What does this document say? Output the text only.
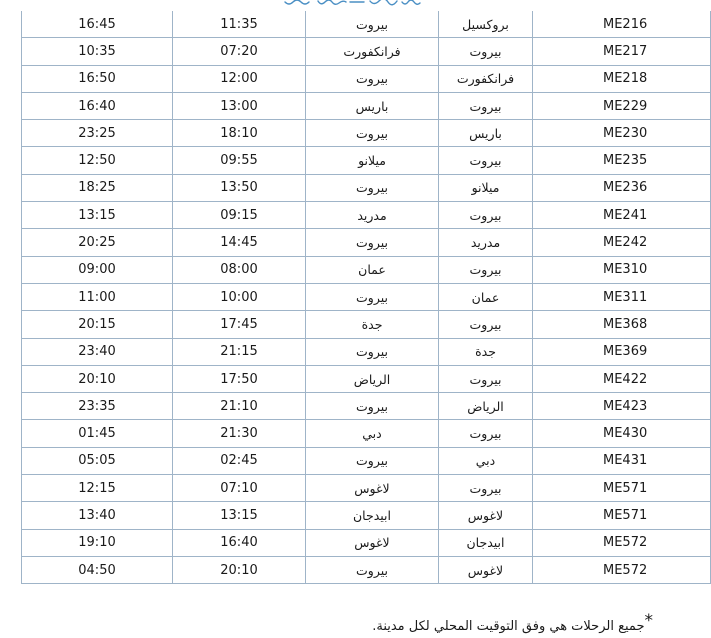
16:45	11:35	بيروت	بروكسيل	ME216
10:35	07:20	فرانكفورت	بيروت	ME217
16:50	12:00	بيروت	فرانكفورت	ME218
16:40	13:00	باريس	بيروت	ME229
23:25	18:10	بيروت	باريس	ME230
12:50	09:55	ميلانو	بيروت	ME235
18:25	13:50	بيروت	ميلانو	ME236
13:15	09:15	مدريد	بيروت	ME241
20:25	14:45	بيروت	مدريد	ME242
09:00	08:00	عمان	بيروت	ME310
11:00	10:00	بيروت	عمان	ME311
20:15	17:45	جدة	بيروت	ME368
23:40	21:15	بيروت	جدة	ME369
20:10	17:50	الرياض	بيروت	ME422
23:35	21:10	بيروت	الرياض	ME423
01:45	21:30	دبي	بيروت	ME430
05:05	02:45	بيروت	دبي	ME431
12:15	07:10	لاغوس	بيروت	ME571
13:40	13:15	ابيدجان	لاغوس	ME571
19:10	16:40	لاغوس	ابيدجان	ME572
04:50	20:10	بيروت	لاغوس	ME572
*جميع الرحلات هي وفق التوقيت المحلي لكل مدينة.
